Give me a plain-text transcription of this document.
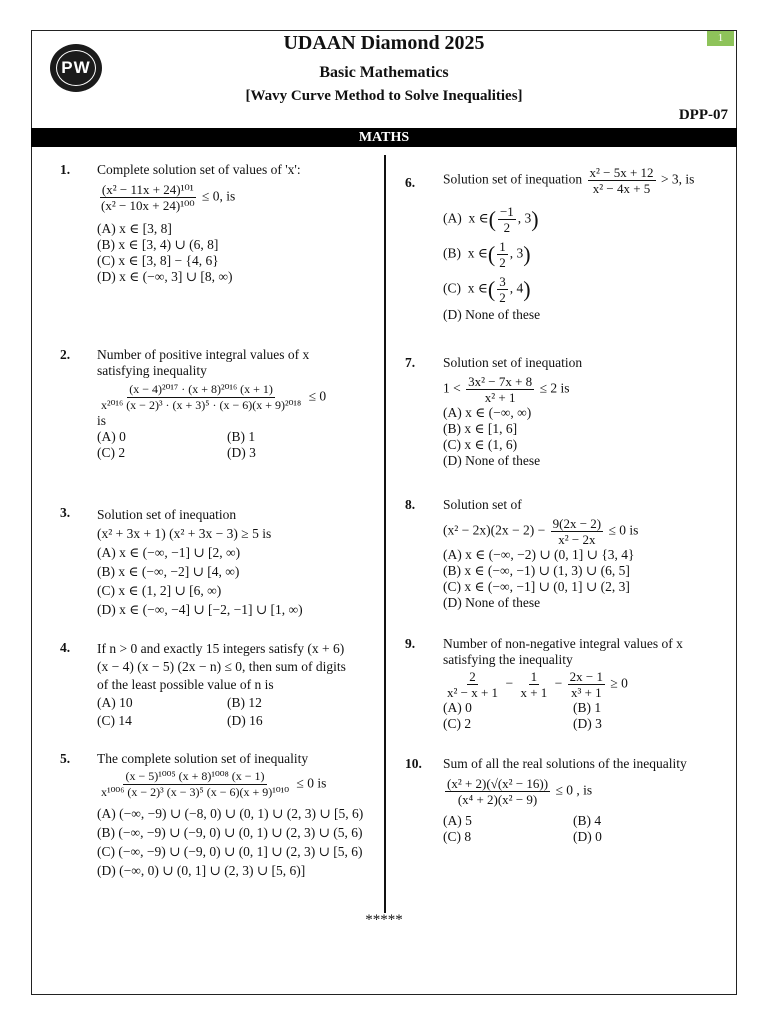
PW
1
UDAAN Diamond 2025
Basic Mathematics
[Wavy Curve Method to Solve Inequalities]
DPP-07
MATHS
1. Complete solution set of values of 'x':
$\frac{\text{(x² − 11x + 24)¹⁰¹}}{\text{(x² − 10x + 24)¹⁰⁰}} \le 0$, is
(A) x ∈ [3, 8]
(B) x ∈ [3, 4) ∪ (6, 8]
(C) x ∈ [3, 8] − {4, 6}
(D) x ∈ (−∞, 3] ∪ [8, ∞)
2. Number of positive integral values of x
satisfying inequality
$\frac{\text{(x − 4)²⁰¹⁷ · (x + 8)²⁰¹⁶ (x + 1)}}{\text{x²⁰¹⁶ (x − 2)³ · (x + 3)⁵ · (x − 6)(x + 9)²⁰¹⁸}} \le 0$
is
(A) 0	(B) 1
(C) 2	(D) 3
3. Solution set of inequation
(x² + 3x + 1) (x² + 3x − 3) ≥ 5 is
(A) x ∈ (−∞, −1] ∪ [2, ∞)
(B) x ∈ (−∞, −2] ∪ [4, ∞)
(C) x ∈ (1, 2] ∪ [6, ∞)
(D) x ∈ (−∞, −4] ∪ [−2, −1] ∪ [1, ∞)
4. If n > 0 and exactly 15 integers satisfy (x + 6)
(x − 4) (x − 5) (2x − n) ≤ 0, then sum of digits
of the least possible value of n is
(A) 10	(B) 12
(C) 14	(D) 16
5. The complete solution set of inequality
$\frac{\text{(x − 5)¹⁰⁰⁵ (x + 8)¹⁰⁰⁸ (x − 1)}}{\text{x¹⁰⁰⁶ (x − 2)³ (x − 3)⁵ (x − 6)(x + 9)¹⁰¹⁰}} \le 0$ is
(A) (−∞, −9) ∪ (−8, 0) ∪ (0, 1) ∪ (2, 3) ∪ [5, 6)
(B) (−∞, −9) ∪ (−9, 0) ∪ (0, 1) ∪ (2, 3) ∪ (5, 6)
(C) (−∞, −9) ∪ (−9, 0) ∪ (0, 1] ∪ (2, 3) ∪ [5, 6)
(D) (−∞, 0) ∪ (0, 1] ∪ (2, 3) ∪ [5, 6)]
6. Solution set of inequation $\frac{\text{x² − 5x + 12}}{\text{x² − 4x + 5}} > 3$, is
(A) x ∈( $\frac{-1}{2}$ , 3)
(B) x ∈( $\frac{1}{2}$ , 3)
(C) x ∈( $\frac{3}{2}$ , 4)
(D) None of these
7. Solution set of inequation
$1 < \frac{\text{3x² − 7x + 8}}{\text{x² + 1}} \le 2$ is
(A) x ∈ (−∞, ∞)
(B) x ∈ [1, 6]
(C) x ∈ (1, 6)
(D) None of these
8. Solution set of
$(x^2 - 2x)(2x - 2) - \frac{9(2x - 2)}{\text{x² − 2x}} \le 0$ is
(A) x ∈ (−∞, −2) ∪ (0, 1] ∪ {3, 4}
(B) x ∈ (−∞, −1) ∪ (1, 3) ∪ (6, 5]
(C) x ∈ (−∞, −1] ∪ (0, 1] ∪ (2, 3]
(D) None of these
9. Number of non-negative integral values of x
satisfying the inequality
$\frac{2}{\text{x² − x + 1}} - \frac{1}{x + 1} - \frac{2x - 1}{\text{x³ + 1}} \ge 0$
(A) 0	(B) 1
(C) 2	(D) 3
10. Sum of all the real solutions of the inequality
$\frac{\text{(x² + 2)(√(x² − 16))}}{\text{(x⁴ + 2)(x² − 9)}} \le 0$ , is
(A) 5	(B) 4
(C) 8	(D) 0
*****
